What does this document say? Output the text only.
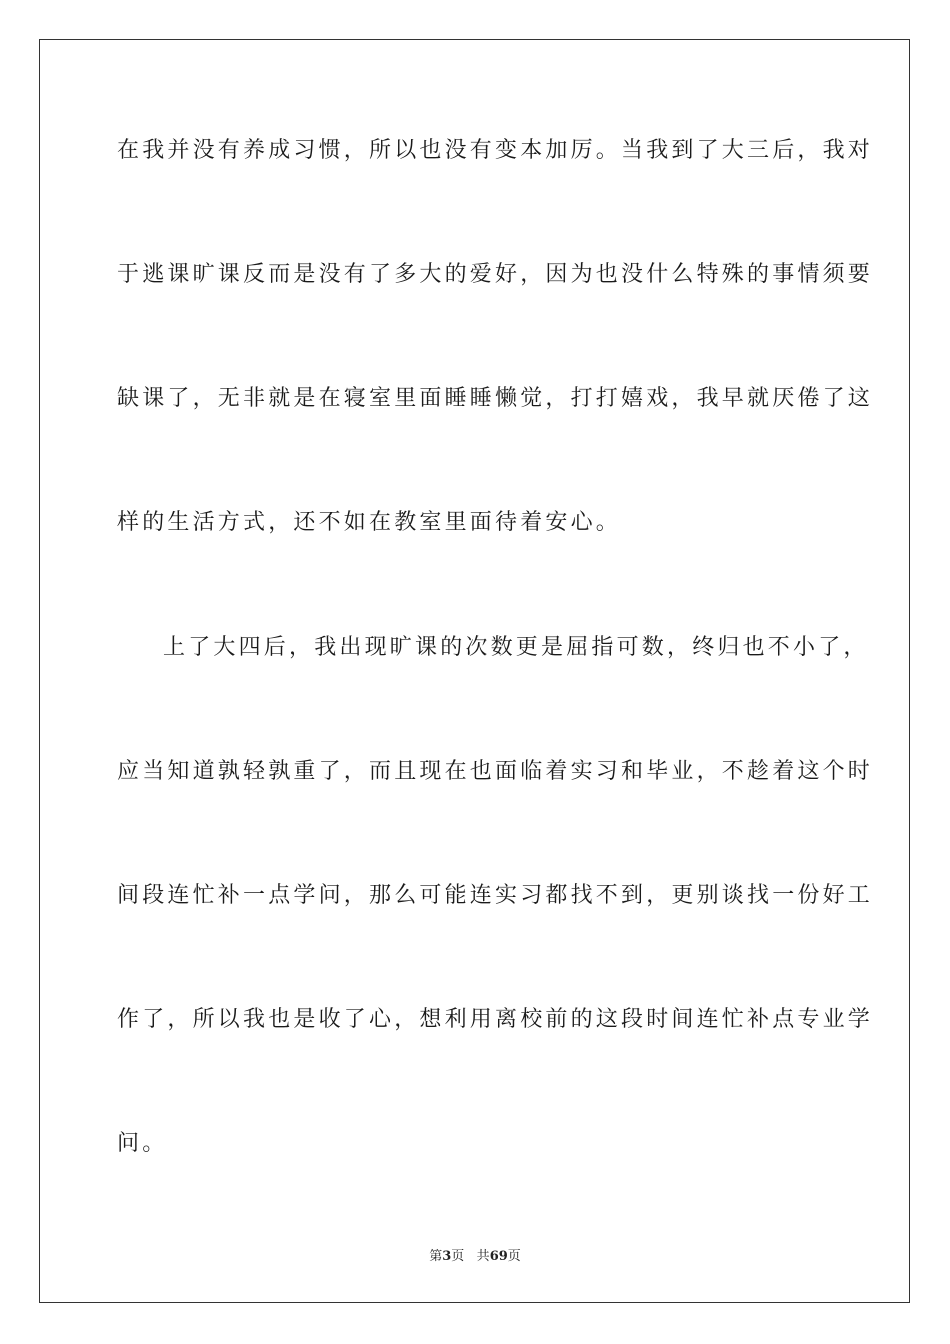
在我并没有养成习惯，所以也没有变本加厉。当我到了大三后，我对
于逃课旷课反而是没有了多大的爱好，因为也没什么特殊的事情须要
缺课了，无非就是在寝室里面睡睡懒觉，打打嬉戏，我早就厌倦了这
样的生活方式，还不如在教室里面待着安心。
上了大四后，我出现旷课的次数更是屈指可数，终归也不小了，
应当知道孰轻孰重了，而且现在也面临着实习和毕业，不趁着这个时
间段连忙补一点学问，那么可能连实习都找不到，更别谈找一份好工
作了，所以我也是收了心，想利用离校前的这段时间连忙补点专业学
问。
第3页 共69页
